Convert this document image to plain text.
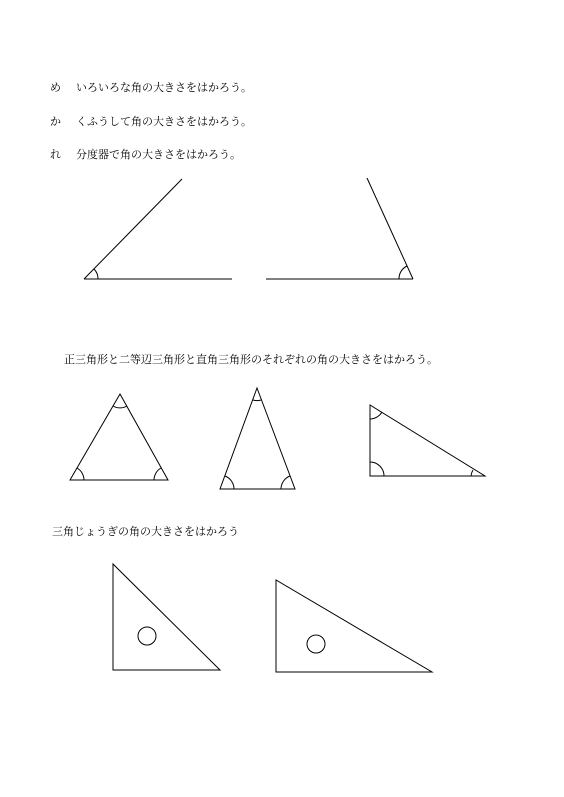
め いろいろな角の大きさをはかろう。
か くふうして角の大きさをはかろう。
れ 分度器で角の大きさをはかろう。
正三角形と二等辺三角形と直角三角形のそれぞれの角の大きさをはかろう。
三角じょうぎの角の大きさをはかろう
